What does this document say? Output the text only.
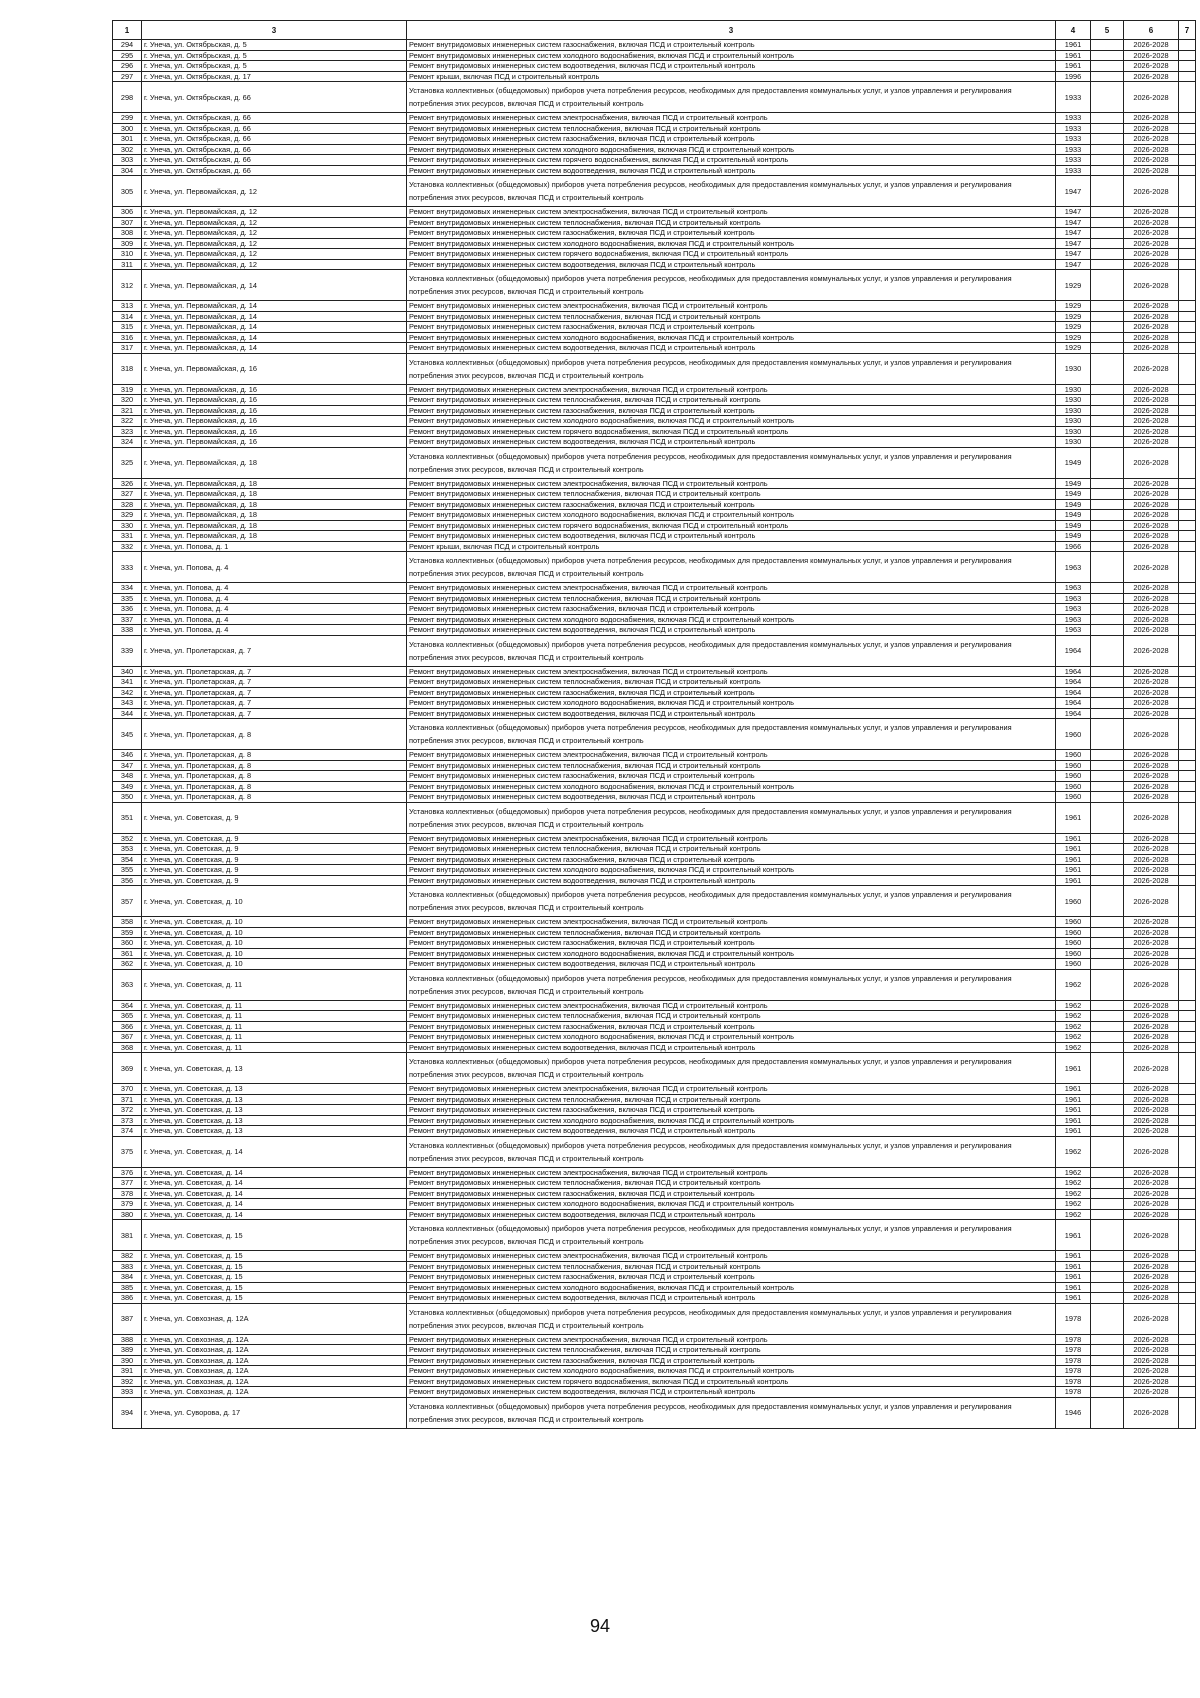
1	3	3	4	5	6	7
294	г. Унеча, ул. Октябрьская, д. 5	Ремонт внутридомовых инженерных систем газоснабжения, включая ПСД и строительный контроль	1961		2026-2028	
295	г. Унеча, ул. Октябрьская, д. 5	Ремонт внутридомовых инженерных систем холодного водоснабжения, включая ПСД и строительный контроль	1961		2026-2028	
296	г. Унеча, ул. Октябрьская, д. 5	Ремонт внутридомовых инженерных систем водоотведения, включая ПСД и строительный контроль	1961		2026-2028	
297	г. Унеча, ул. Октябрьская, д. 17	Ремонт крыши, включая ПСД и строительный контроль	1996		2026-2028	
298	г. Унеча, ул. Октябрьская, д. 66	Установка коллективных (общедомовых) приборов учета потребления ресурсов, необходимых для предоставления коммунальных услуг, и узлов управления и регулирования потребления этих ресурсов, включая ПСД и строительный контроль	1933		2026-2028	
299	г. Унеча, ул. Октябрьская, д. 66	Ремонт внутридомовых инженерных систем электроснабжения, включая ПСД и строительный контроль	1933		2026-2028	
300	г. Унеча, ул. Октябрьская, д. 66	Ремонт внутридомовых инженерных систем теплоснабжения, включая ПСД и строительный контроль	1933		2026-2028	
301	г. Унеча, ул. Октябрьская, д. 66	Ремонт внутридомовых инженерных систем газоснабжения, включая ПСД и строительный контроль	1933		2026-2028	
302	г. Унеча, ул. Октябрьская, д. 66	Ремонт внутридомовых инженерных систем холодного водоснабжения, включая ПСД и строительный контроль	1933		2026-2028	
303	г. Унеча, ул. Октябрьская, д. 66	Ремонт внутридомовых инженерных систем горячего водоснабжения, включая ПСД и строительный контроль	1933		2026-2028	
304	г. Унеча, ул. Октябрьская, д. 66	Ремонт внутридомовых инженерных систем водоотведения, включая ПСД и строительный контроль	1933		2026-2028	
305	г. Унеча, ул. Первомайская, д. 12	Установка коллективных (общедомовых) приборов учета потребления ресурсов, необходимых для предоставления коммунальных услуг, и узлов управления и регулирования потребления этих ресурсов, включая ПСД и строительный контроль	1947		2026-2028	
306	г. Унеча, ул. Первомайская, д. 12	Ремонт внутридомовых инженерных систем электроснабжения, включая ПСД и строительный контроль	1947		2026-2028	
307	г. Унеча, ул. Первомайская, д. 12	Ремонт внутридомовых инженерных систем теплоснабжения, включая ПСД и строительный контроль	1947		2026-2028	
308	г. Унеча, ул. Первомайская, д. 12	Ремонт внутридомовых инженерных систем газоснабжения, включая ПСД и строительный контроль	1947		2026-2028	
309	г. Унеча, ул. Первомайская, д. 12	Ремонт внутридомовых инженерных систем холодного водоснабжения, включая ПСД и строительный контроль	1947		2026-2028	
310	г. Унеча, ул. Первомайская, д. 12	Ремонт внутридомовых инженерных систем горячего водоснабжения, включая ПСД и строительный контроль	1947		2026-2028	
311	г. Унеча, ул. Первомайская, д. 12	Ремонт внутридомовых инженерных систем водоотведения, включая ПСД и строительный контроль	1947		2026-2028	
312	г. Унеча, ул. Первомайская, д. 14	Установка коллективных (общедомовых) приборов учета потребления ресурсов, необходимых для предоставления коммунальных услуг, и узлов управления и регулирования потребления этих ресурсов, включая ПСД и строительный контроль	1929		2026-2028	
313	г. Унеча, ул. Первомайская, д. 14	Ремонт внутридомовых инженерных систем электроснабжения, включая ПСД и строительный контроль	1929		2026-2028	
314	г. Унеча, ул. Первомайская, д. 14	Ремонт внутридомовых инженерных систем теплоснабжения, включая ПСД и строительный контроль	1929		2026-2028	
315	г. Унеча, ул. Первомайская, д. 14	Ремонт внутридомовых инженерных систем газоснабжения, включая ПСД и строительный контроль	1929		2026-2028	
316	г. Унеча, ул. Первомайская, д. 14	Ремонт внутридомовых инженерных систем холодного водоснабжения, включая ПСД и строительный контроль	1929		2026-2028	
317	г. Унеча, ул. Первомайская, д. 14	Ремонт внутридомовых инженерных систем водоотведения, включая ПСД и строительный контроль	1929		2026-2028	
318	г. Унеча, ул. Первомайская, д. 16	Установка коллективных (общедомовых) приборов учета потребления ресурсов, необходимых для предоставления коммунальных услуг, и узлов управления и регулирования потребления этих ресурсов, включая ПСД и строительный контроль	1930		2026-2028	
319	г. Унеча, ул. Первомайская, д. 16	Ремонт внутридомовых инженерных систем электроснабжения, включая ПСД и строительный контроль	1930		2026-2028	
320	г. Унеча, ул. Первомайская, д. 16	Ремонт внутридомовых инженерных систем теплоснабжения, включая ПСД и строительный контроль	1930		2026-2028	
321	г. Унеча, ул. Первомайская, д. 16	Ремонт внутридомовых инженерных систем газоснабжения, включая ПСД и строительный контроль	1930		2026-2028	
322	г. Унеча, ул. Первомайская, д. 16	Ремонт внутридомовых инженерных систем холодного водоснабжения, включая ПСД и строительный контроль	1930		2026-2028	
323	г. Унеча, ул. Первомайская, д. 16	Ремонт внутридомовых инженерных систем горячего водоснабжения, включая ПСД и строительный контроль	1930		2026-2028	
324	г. Унеча, ул. Первомайская, д. 16	Ремонт внутридомовых инженерных систем водоотведения, включая ПСД и строительный контроль	1930		2026-2028	
325	г. Унеча, ул. Первомайская, д. 18	Установка коллективных (общедомовых) приборов учета потребления ресурсов, необходимых для предоставления коммунальных услуг, и узлов управления и регулирования потребления этих ресурсов, включая ПСД и строительный контроль	1949		2026-2028	
326	г. Унеча, ул. Первомайская, д. 18	Ремонт внутридомовых инженерных систем электроснабжения, включая ПСД и строительный контроль	1949		2026-2028	
327	г. Унеча, ул. Первомайская, д. 18	Ремонт внутридомовых инженерных систем теплоснабжения, включая ПСД и строительный контроль	1949		2026-2028	
328	г. Унеча, ул. Первомайская, д. 18	Ремонт внутридомовых инженерных систем газоснабжения, включая ПСД и строительный контроль	1949		2026-2028	
329	г. Унеча, ул. Первомайская, д. 18	Ремонт внутридомовых инженерных систем холодного водоснабжения, включая ПСД и строительный контроль	1949		2026-2028	
330	г. Унеча, ул. Первомайская, д. 18	Ремонт внутридомовых инженерных систем горячего водоснабжения, включая ПСД и строительный контроль	1949		2026-2028	
331	г. Унеча, ул. Первомайская, д. 18	Ремонт внутридомовых инженерных систем водоотведения, включая ПСД и строительный контроль	1949		2026-2028	
332	г. Унеча, ул. Попова, д. 1	Ремонт крыши, включая ПСД и строительный контроль	1966		2026-2028	
333	г. Унеча, ул. Попова, д. 4	Установка коллективных (общедомовых) приборов учета потребления ресурсов, необходимых для предоставления коммунальных услуг, и узлов управления и регулирования потребления этих ресурсов, включая ПСД и строительный контроль	1963		2026-2028	
334	г. Унеча, ул. Попова, д. 4	Ремонт внутридомовых инженерных систем электроснабжения, включая ПСД и строительный контроль	1963		2026-2028	
335	г. Унеча, ул. Попова, д. 4	Ремонт внутридомовых инженерных систем теплоснабжения, включая ПСД и строительный контроль	1963		2026-2028	
336	г. Унеча, ул. Попова, д. 4	Ремонт внутридомовых инженерных систем газоснабжения, включая ПСД и строительный контроль	1963		2026-2028	
337	г. Унеча, ул. Попова, д. 4	Ремонт внутридомовых инженерных систем холодного водоснабжения, включая ПСД и строительный контроль	1963		2026-2028	
338	г. Унеча, ул. Попова, д. 4	Ремонт внутридомовых инженерных систем водоотведения, включая ПСД и строительный контроль	1963		2026-2028	
339	г. Унеча, ул. Пролетарская, д. 7	Установка коллективных (общедомовых) приборов учета потребления ресурсов, необходимых для предоставления коммунальных услуг, и узлов управления и регулирования потребления этих ресурсов, включая ПСД и строительный контроль	1964		2026-2028	
340	г. Унеча, ул. Пролетарская, д. 7	Ремонт внутридомовых инженерных систем электроснабжения, включая ПСД и строительный контроль	1964		2026-2028	
341	г. Унеча, ул. Пролетарская, д. 7	Ремонт внутридомовых инженерных систем теплоснабжения, включая ПСД и строительный контроль	1964		2026-2028	
342	г. Унеча, ул. Пролетарская, д. 7	Ремонт внутридомовых инженерных систем газоснабжения, включая ПСД и строительный контроль	1964		2026-2028	
343	г. Унеча, ул. Пролетарская, д. 7	Ремонт внутридомовых инженерных систем холодного водоснабжения, включая ПСД и строительный контроль	1964		2026-2028	
344	г. Унеча, ул. Пролетарская, д. 7	Ремонт внутридомовых инженерных систем водоотведения, включая ПСД и строительный контроль	1964		2026-2028	
345	г. Унеча, ул. Пролетарская, д. 8	Установка коллективных (общедомовых) приборов учета потребления ресурсов, необходимых для предоставления коммунальных услуг, и узлов управления и регулирования потребления этих ресурсов, включая ПСД и строительный контроль	1960		2026-2028	
346	г. Унеча, ул. Пролетарская, д. 8	Ремонт внутридомовых инженерных систем электроснабжения, включая ПСД и строительный контроль	1960		2026-2028	
347	г. Унеча, ул. Пролетарская, д. 8	Ремонт внутридомовых инженерных систем теплоснабжения, включая ПСД и строительный контроль	1960		2026-2028	
348	г. Унеча, ул. Пролетарская, д. 8	Ремонт внутридомовых инженерных систем газоснабжения, включая ПСД и строительный контроль	1960		2026-2028	
349	г. Унеча, ул. Пролетарская, д. 8	Ремонт внутридомовых инженерных систем холодного водоснабжения, включая ПСД и строительный контроль	1960		2026-2028	
350	г. Унеча, ул. Пролетарская, д. 8	Ремонт внутридомовых инженерных систем водоотведения, включая ПСД и строительный контроль	1960		2026-2028	
351	г. Унеча, ул. Советская, д. 9	Установка коллективных (общедомовых) приборов учета потребления ресурсов, необходимых для предоставления коммунальных услуг, и узлов управления и регулирования потребления этих ресурсов, включая ПСД и строительный контроль	1961		2026-2028	
352	г. Унеча, ул. Советская, д. 9	Ремонт внутридомовых инженерных систем электроснабжения, включая ПСД и строительный контроль	1961		2026-2028	
353	г. Унеча, ул. Советская, д. 9	Ремонт внутридомовых инженерных систем теплоснабжения, включая ПСД и строительный контроль	1961		2026-2028	
354	г. Унеча, ул. Советская, д. 9	Ремонт внутридомовых инженерных систем газоснабжения, включая ПСД и строительный контроль	1961		2026-2028	
355	г. Унеча, ул. Советская, д. 9	Ремонт внутридомовых инженерных систем холодного водоснабжения, включая ПСД и строительный контроль	1961		2026-2028	
356	г. Унеча, ул. Советская, д. 9	Ремонт внутридомовых инженерных систем водоотведения, включая ПСД и строительный контроль	1961		2026-2028	
357	г. Унеча, ул. Советская, д. 10	Установка коллективных (общедомовых) приборов учета потребления ресурсов, необходимых для предоставления коммунальных услуг, и узлов управления и регулирования потребления этих ресурсов, включая ПСД и строительный контроль	1960		2026-2028	
358	г. Унеча, ул. Советская, д. 10	Ремонт внутридомовых инженерных систем электроснабжения, включая ПСД и строительный контроль	1960		2026-2028	
359	г. Унеча, ул. Советская, д. 10	Ремонт внутридомовых инженерных систем теплоснабжения, включая ПСД и строительный контроль	1960		2026-2028	
360	г. Унеча, ул. Советская, д. 10	Ремонт внутридомовых инженерных систем газоснабжения, включая ПСД и строительный контроль	1960		2026-2028	
361	г. Унеча, ул. Советская, д. 10	Ремонт внутридомовых инженерных систем холодного водоснабжения, включая ПСД и строительный контроль	1960		2026-2028	
362	г. Унеча, ул. Советская, д. 10	Ремонт внутридомовых инженерных систем водоотведения, включая ПСД и строительный контроль	1960		2026-2028	
363	г. Унеча, ул. Советская, д. 11	Установка коллективных (общедомовых) приборов учета потребления ресурсов, необходимых для предоставления коммунальных услуг, и узлов управления и регулирования потребления этих ресурсов, включая ПСД и строительный контроль	1962		2026-2028	
364	г. Унеча, ул. Советская, д. 11	Ремонт внутридомовых инженерных систем электроснабжения, включая ПСД и строительный контроль	1962		2026-2028	
365	г. Унеча, ул. Советская, д. 11	Ремонт внутридомовых инженерных систем теплоснабжения, включая ПСД и строительный контроль	1962		2026-2028	
366	г. Унеча, ул. Советская, д. 11	Ремонт внутридомовых инженерных систем газоснабжения, включая ПСД и строительный контроль	1962		2026-2028	
367	г. Унеча, ул. Советская, д. 11	Ремонт внутридомовых инженерных систем холодного водоснабжения, включая ПСД и строительный контроль	1962		2026-2028	
368	г. Унеча, ул. Советская, д. 11	Ремонт внутридомовых инженерных систем водоотведения, включая ПСД и строительный контроль	1962		2026-2028	
369	г. Унеча, ул. Советская, д. 13	Установка коллективных (общедомовых) приборов учета потребления ресурсов, необходимых для предоставления коммунальных услуг, и узлов управления и регулирования потребления этих ресурсов, включая ПСД и строительный контроль	1961		2026-2028	
370	г. Унеча, ул. Советская, д. 13	Ремонт внутридомовых инженерных систем электроснабжения, включая ПСД и строительный контроль	1961		2026-2028	
371	г. Унеча, ул. Советская, д. 13	Ремонт внутридомовых инженерных систем теплоснабжения, включая ПСД и строительный контроль	1961		2026-2028	
372	г. Унеча, ул. Советская, д. 13	Ремонт внутридомовых инженерных систем газоснабжения, включая ПСД и строительный контроль	1961		2026-2028	
373	г. Унеча, ул. Советская, д. 13	Ремонт внутридомовых инженерных систем холодного водоснабжения, включая ПСД и строительный контроль	1961		2026-2028	
374	г. Унеча, ул. Советская, д. 13	Ремонт внутридомовых инженерных систем водоотведения, включая ПСД и строительный контроль	1961		2026-2028	
375	г. Унеча, ул. Советская, д. 14	Установка коллективных (общедомовых) приборов учета потребления ресурсов, необходимых для предоставления коммунальных услуг, и узлов управления и регулирования потребления этих ресурсов, включая ПСД и строительный контроль	1962		2026-2028	
376	г. Унеча, ул. Советская, д. 14	Ремонт внутридомовых инженерных систем электроснабжения, включая ПСД и строительный контроль	1962		2026-2028	
377	г. Унеча, ул. Советская, д. 14	Ремонт внутридомовых инженерных систем теплоснабжения, включая ПСД и строительный контроль	1962		2026-2028	
378	г. Унеча, ул. Советская, д. 14	Ремонт внутридомовых инженерных систем газоснабжения, включая ПСД и строительный контроль	1962		2026-2028	
379	г. Унеча, ул. Советская, д. 14	Ремонт внутридомовых инженерных систем холодного водоснабжения, включая ПСД и строительный контроль	1962		2026-2028	
380	г. Унеча, ул. Советская, д. 14	Ремонт внутридомовых инженерных систем водоотведения, включая ПСД и строительный контроль	1962		2026-2028	
381	г. Унеча, ул. Советская, д. 15	Установка коллективных (общедомовых) приборов учета потребления ресурсов, необходимых для предоставления коммунальных услуг, и узлов управления и регулирования потребления этих ресурсов, включая ПСД и строительный контроль	1961		2026-2028	
382	г. Унеча, ул. Советская, д. 15	Ремонт внутридомовых инженерных систем электроснабжения, включая ПСД и строительный контроль	1961		2026-2028	
383	г. Унеча, ул. Советская, д. 15	Ремонт внутридомовых инженерных систем теплоснабжения, включая ПСД и строительный контроль	1961		2026-2028	
384	г. Унеча, ул. Советская, д. 15	Ремонт внутридомовых инженерных систем газоснабжения, включая ПСД и строительный контроль	1961		2026-2028	
385	г. Унеча, ул. Советская, д. 15	Ремонт внутридомовых инженерных систем холодного водоснабжения, включая ПСД и строительный контроль	1961		2026-2028	
386	г. Унеча, ул. Советская, д. 15	Ремонт внутридомовых инженерных систем водоотведения, включая ПСД и строительный контроль	1961		2026-2028	
387	г. Унеча, ул. Совхозная, д. 12А	Установка коллективных (общедомовых) приборов учета потребления ресурсов, необходимых для предоставления коммунальных услуг, и узлов управления и регулирования потребления этих ресурсов, включая ПСД и строительный контроль	1978		2026-2028	
388	г. Унеча, ул. Совхозная, д. 12А	Ремонт внутридомовых инженерных систем электроснабжения, включая ПСД и строительный контроль	1978		2026-2028	
389	г. Унеча, ул. Совхозная, д. 12А	Ремонт внутридомовых инженерных систем теплоснабжения, включая ПСД и строительный контроль	1978		2026-2028	
390	г. Унеча, ул. Совхозная, д. 12А	Ремонт внутридомовых инженерных систем газоснабжения, включая ПСД и строительный контроль	1978		2026-2028	
391	г. Унеча, ул. Совхозная, д. 12А	Ремонт внутридомовых инженерных систем холодного водоснабжения, включая ПСД и строительный контроль	1978		2026-2028	
392	г. Унеча, ул. Совхозная, д. 12А	Ремонт внутридомовых инженерных систем горячего водоснабжения, включая ПСД и строительный контроль	1978		2026-2028	
393	г. Унеча, ул. Совхозная, д. 12А	Ремонт внутридомовых инженерных систем водоотведения, включая ПСД и строительный контроль	1978		2026-2028	
394	г. Унеча, ул. Суворова, д. 17	Установка коллективных (общедомовых) приборов учета потребления ресурсов, необходимых для предоставления коммунальных услуг, и узлов управления и регулирования потребления этих ресурсов, включая ПСД и строительный контроль	1946		2026-2028	
94
